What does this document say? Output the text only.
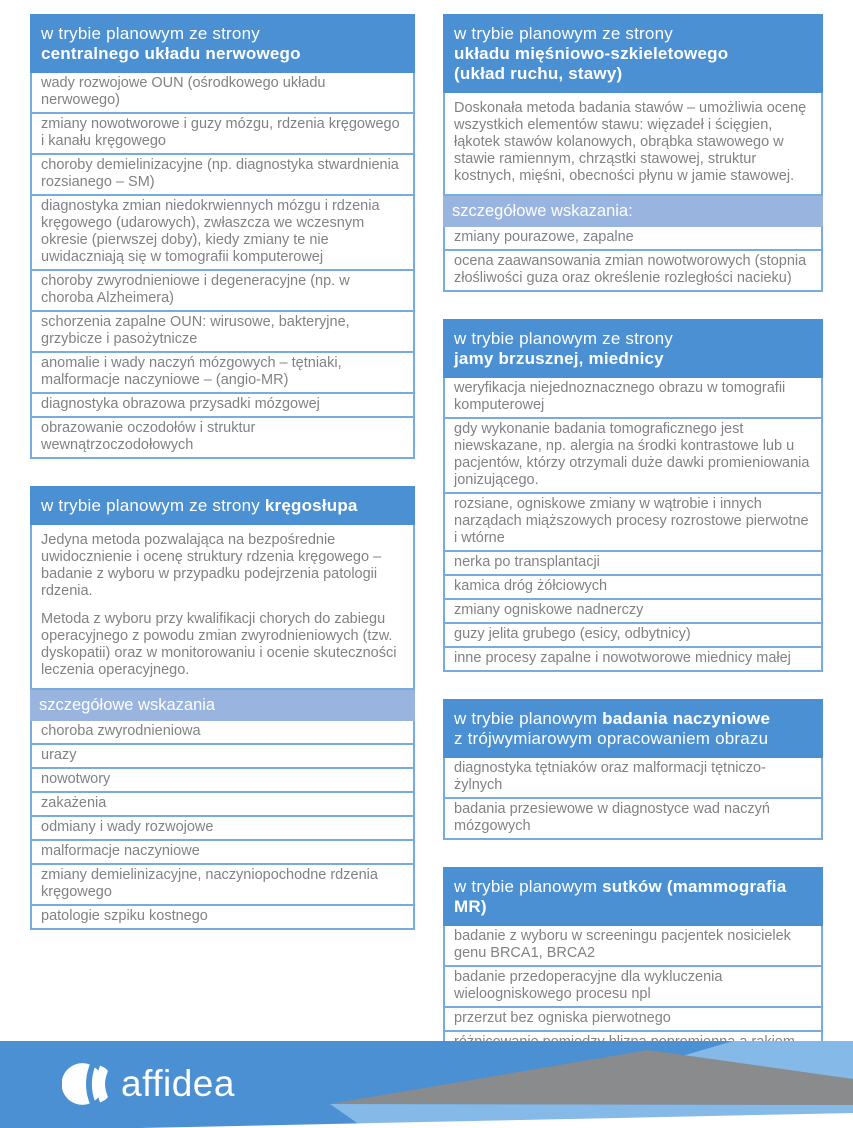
w trybie planowym ze strony
centralnego układu nerwowego
wady rozwojowe OUN (ośrodkowego układu nerwowego)
zmiany nowotworowe i guzy mózgu, rdzenia kręgowego i kanału kręgowego
choroby demielinizacyjne (np. diagnostyka stwardnienia rozsianego – SM)
diagnostyka zmian niedokrwiennych mózgu i rdzenia kręgowego (udarowych), zwłaszcza we wczesnym okresie (pierwszej doby), kiedy zmiany te nie uwidaczniają się w tomografii komputerowej
choroby zwyrodnieniowe i degeneracyjne (np. w choroba Alzheimera)
schorzenia zapalne OUN: wirusowe, bakteryjne, grzybicze i pasożytnicze
anomalie i wady naczyń mózgowych – tętniaki, malformacje naczyniowe – (angio-MR)
diagnostyka obrazowa przysadki mózgowej
obrazowanie oczodołów i struktur wewnątrzoczodołowych
w trybie planowym ze strony kręgosłupa

Jedyna metoda pozwalająca na bezpośrednie uwidocznienie i ocenę struktury rdzenia kręgowego – badanie z wyboru w przypadku podejrzenia patologii rdzenia.

Metoda z wyboru przy kwalifikacji chorych do zabiegu operacyjnego z powodu zmian zwyrodnieniowych (tzw. dyskopatii) oraz w monitorowaniu i ocenie skuteczności leczenia operacyjnego.

szczegółowe wskazania
choroba zwyrodnieniowa
urazy
nowotwory
zakażenia
odmiany i wady rozwojowe
malformacje naczyniowe
zmiany demielinizacyjne, naczyniopochodne rdzenia kręgowego
patologie szpiku kostnego
w trybie planowym ze strony
układu mięśniowo-szkieletowego
(układ ruchu, stawy)

Doskonała metoda badania stawów – umożliwia ocenę wszystkich elementów stawu: więzadeł i ścięgien, łąkotek stawów kolanowych, obrąbka stawowego w stawie ramiennym, chrząstki stawowej, struktur kostnych, mięśni, obecności płynu w jamie stawowej.

szczegółowe wskazania:
zmiany pourazowe, zapalne
ocena zaawansowania zmian nowotworowych (stopnia złośliwości guza oraz określenie rozległości nacieku)
w trybie planowym ze strony
jamy brzusznej, miednicy
weryfikacja niejednoznacznego obrazu w tomografii komputerowej
gdy wykonanie badania tomograficznego jest niewskazane, np. alergia na środki kontrastowe lub u pacjentów, którzy otrzymali duże dawki promieniowania jonizującego.
rozsiane, ogniskowe zmiany w wątrobie i innych narządach miąższowych procesy rozrostowe pierwotne i wtórne
nerka po transplantacji
kamica dróg żółciowych
zmiany ogniskowe nadnerczy
guzy jelita grubego (esicy, odbytnicy)
inne procesy zapalne i nowotworowe miednicy małej
w trybie planowym badania naczyniowe
z trójwymiarowym opracowaniem obrazu
diagnostyka tętniaków oraz malformacji tętniczo-żylnych
badania przesiewowe w diagnostyce wad naczyń mózgowych
w trybie planowym sutków (mammografia MR)
badanie z wyboru w screeningu pacjentek nosicielek genu BRCA1, BRCA2
badanie przedoperacyjne dla wykluczenia wieloogniskowego procesu npl
przerzut bez ogniska pierwotnego
affidea
